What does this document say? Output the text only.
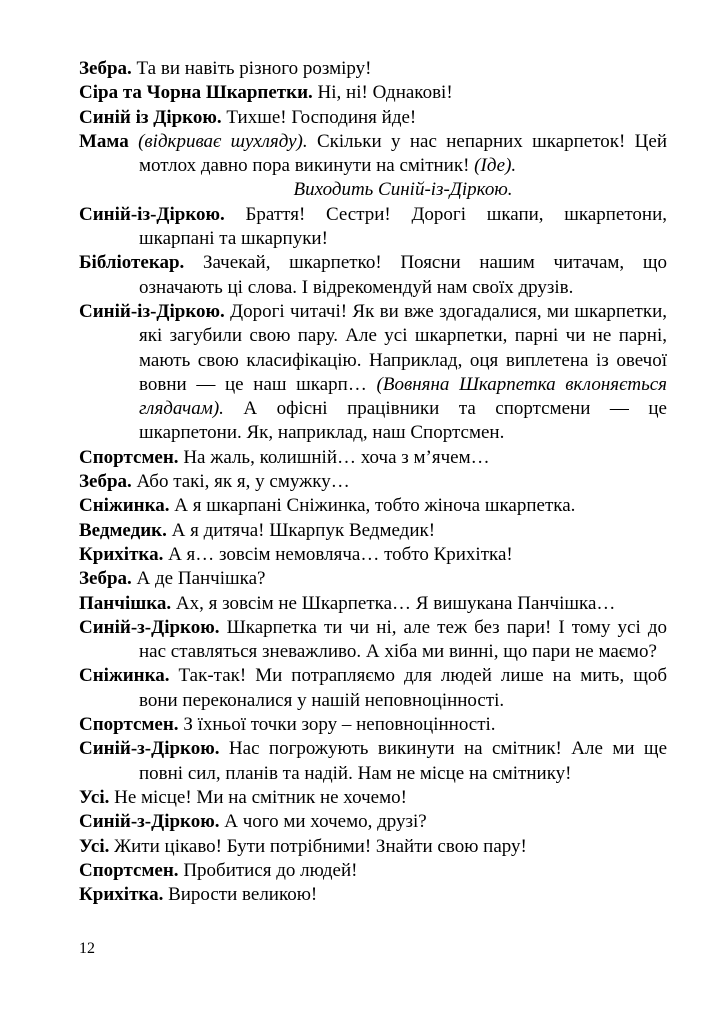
Зебра. Та ви навіть різного розміру!

Сіра та Чорна Шкарпетки. Ні, ні! Однакові!

Синій із Діркою. Тихше! Господиня йде!

Мама (відкриває шухляду). Скільки у нас непарних шкарпеток! Цей мотлох давно пора викинути на смітник! (Іде).

Виходить Синій-із-Діркою.

Синій-із-Діркою. Браття! Сестри! Дорогі шкапи, шкарпетони, шкарпані та шкарпуки!

Бібліотекар. Зачекай, шкарпетко! Поясни нашим читачам, що означають ці слова. І відрекомендуй нам своїх друзів.

Синій-із-Діркою. Дорогі читачі! Як ви вже здогадалися, ми шкарпетки, які загубили свою пару. Але усі шкарпетки, парні чи не парні, мають свою класифікацію. Наприклад, оця виплетена із овечої вовни — це наш шкарп… (Вовняна Шкарпетка вклоняється глядачам). А офісні працівники та спортсмени — це шкарпетони. Як, наприклад, наш Спортсмен.

Спортсмен. На жаль, колишній… хоча з м’ячем…

Зебра. Або такі, як я, у смужку…

Сніжинка. А я шкарпані Сніжинка, тобто жіноча шкарпетка.

Ведмедик. А я дитяча! Шкарпук Ведмедик!

Крихітка. А я… зовсім немовляча… тобто Крихітка!

Зебра. А де Панчішка?

Панчішка. Ах, я зовсім не Шкарпетка… Я вишукана Панчішка…

Синій-з-Діркою. Шкарпетка ти чи ні, але теж без пари! І тому усі до нас ставляться зневажливо. А хіба ми винні, що пари не маємо?

Сніжинка. Так-так! Ми потрапляємо для людей лише на мить, щоб вони переконалися у нашій неповноцінності.

Спортсмен. З їхньої точки зору – неповноцінності.

Синій-з-Діркою. Нас погрожують викинути на смітник! Але ми ще повні сил, планів та надій. Нам не місце на смітнику!

Усі. Не місце! Ми на смітник не хочемо!

Синій-з-Діркою. А чого ми хочемо, друзі?

Усі. Жити цікаво! Бути потрібними! Знайти свою пару!

Спортсмен. Пробитися до людей!

Крихітка. Вирости великою!

12
